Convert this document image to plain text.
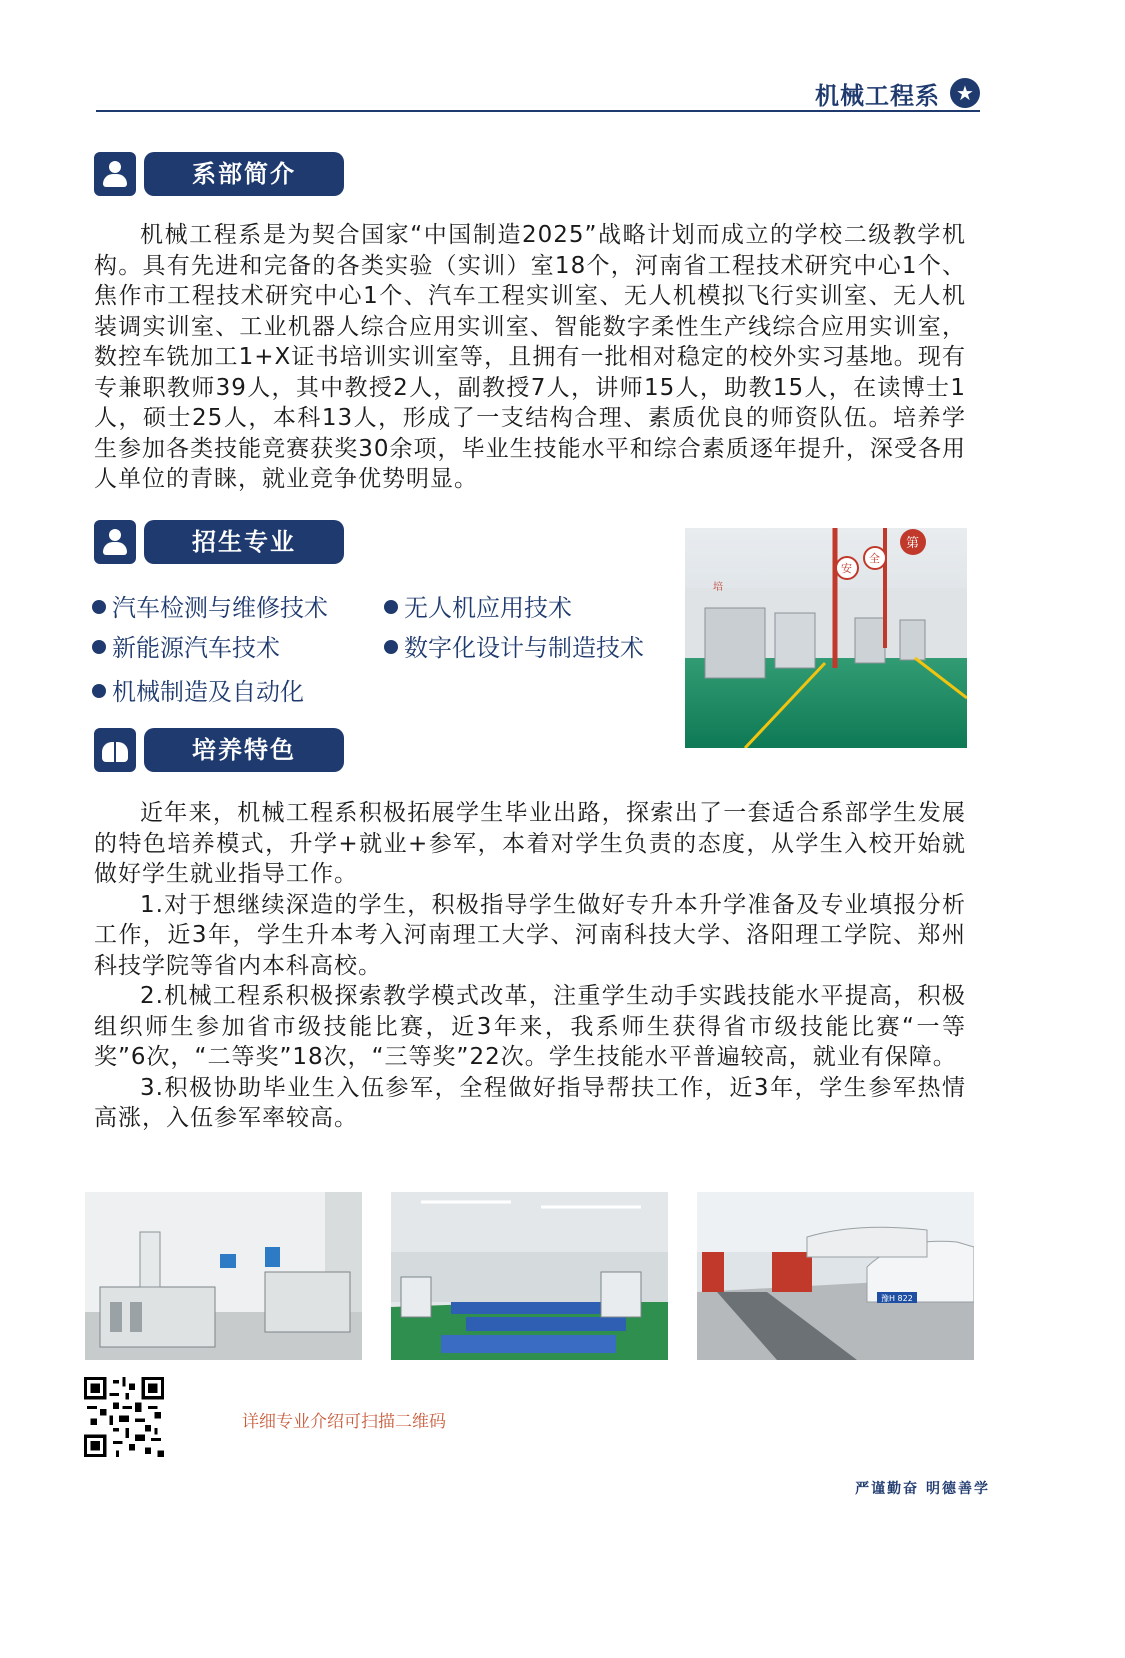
机械工程系 ★
系部简介

机械工程系是为契合国家“中国制造2025”战略计划而成立的学校二级教学机构。具有先进和完备的各类实验（实训）室18个，河南省工程技术研究中心1个、焦作市工程技术研究中心1个、汽车工程实训室、无人机模拟飞行实训室、无人机装调实训室、工业机器人综合应用实训室、智能数字柔性生产线综合应用实训室，数控车铣加工1+X证书培训实训室等，且拥有一批相对稳定的校外实习基地。现有专兼职教师39人，其中教授2人，副教授7人，讲师15人，助教15人，在读博士1人，硕士25人，本科13人，形成了一支结构合理、素质优良的师资队伍。培养学生参加各类技能竞赛获奖30余项，毕业生技能水平和综合素质逐年提升，深受各用人单位的青睐，就业竞争优势明显。

招生专业
汽车检测与维修技术	无人机应用技术
新能源汽车技术	数字化设计与制造技术
机械制造及自动化
培
安
全
第
培养特色

近年来，机械工程系积极拓展学生毕业出路，探索出了一套适合系部学生发展的特色培养模式，升学+就业+参军，本着对学生负责的态度，从学生入校开始就做好学生就业指导工作。

1.对于想继续深造的学生，积极指导学生做好专升本升学准备及专业填报分析工作，近3年，学生升本考入河南理工大学、河南科技大学、洛阳理工学院、郑州科技学院等省内本科高校。

2.机械工程系积极探索教学模式改革，注重学生动手实践技能水平提高，积极组织师生参加省市级技能比赛，近3年来，我系师生获得省市级技能比赛“一等奖”6次，“二等奖”18次，“三等奖”22次。学生技能水平普遍较高，就业有保障。

3.积极协助毕业生入伍参军，全程做好指导帮扶工作，近3年，学生参军热情高涨，入伍参军率较高。

豫H 822
详细专业介绍可扫描二维码
严谨勤奋 明德善学
